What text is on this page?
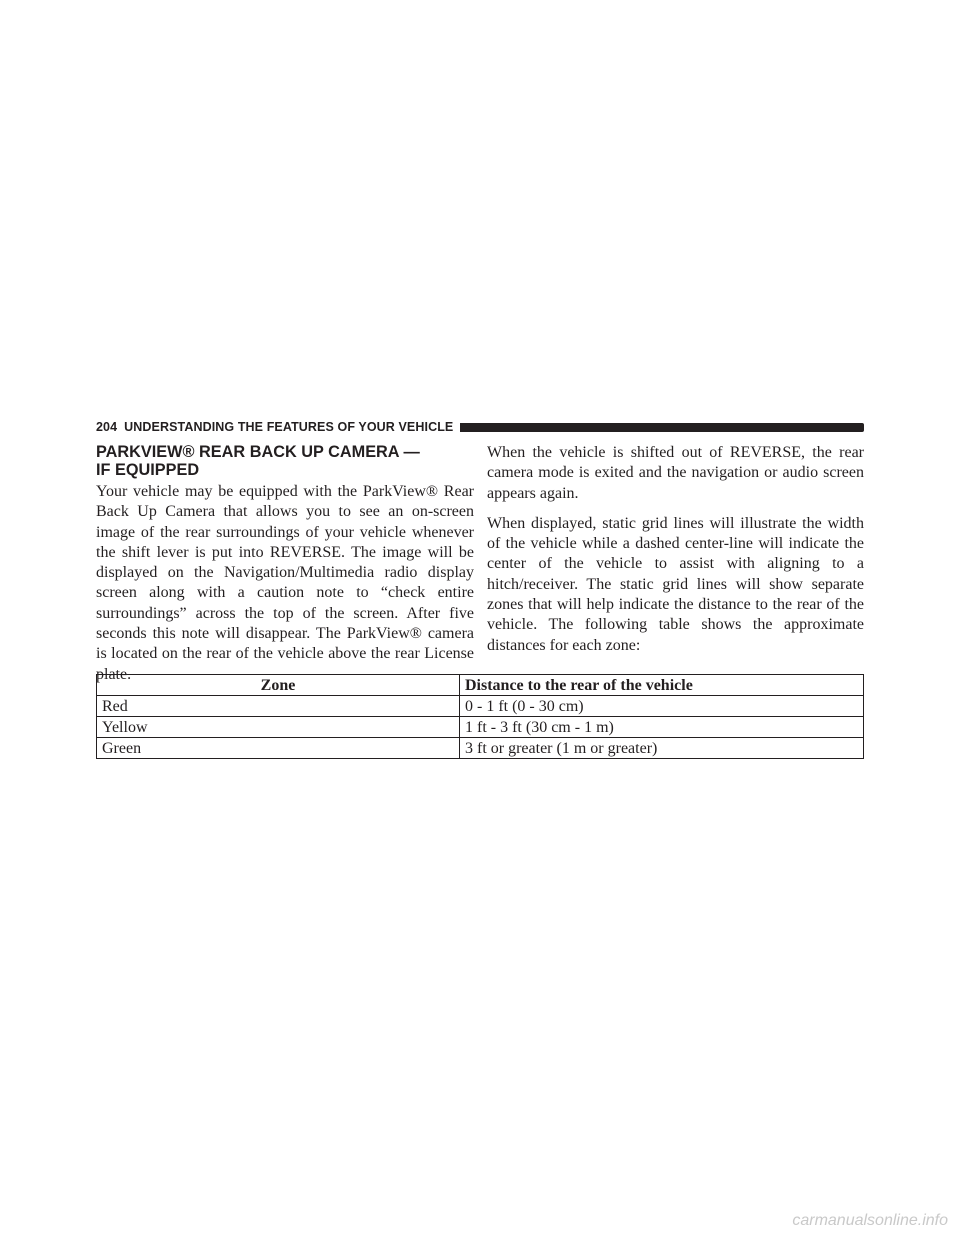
204 UNDERSTANDING THE FEATURES OF YOUR VEHICLE
PARKVIEW® REAR BACK UP CAMERA —
IF EQUIPPED

Your vehicle may be equipped with the ParkView® Rear Back Up Camera that allows you to see an on-screen image of the rear surroundings of your vehicle whenever the shift lever is put into REVERSE. The image will be displayed on the Navigation/Multimedia radio display screen along with a caution note to “check entire surroundings” across the top of the screen. After five seconds this note will disappear. The ParkView® camera is located on the rear of the vehicle above the rear License plate.

When the vehicle is shifted out of REVERSE, the rear camera mode is exited and the navigation or audio screen appears again.

When displayed, static grid lines will illustrate the width of the vehicle while a dashed center-line will indicate the center of the vehicle to assist with aligning to a hitch/receiver. The static grid lines will show separate zones that will help indicate the distance to the rear of the vehicle. The following table shows the approximate distances for each zone:

Zone	Distance to the rear of the vehicle
Red	0 - 1 ft (0 - 30 cm)
Yellow	1 ft - 3 ft (30 cm - 1 m)
Green	3 ft or greater (1 m or greater)
carmanualsonline.info
